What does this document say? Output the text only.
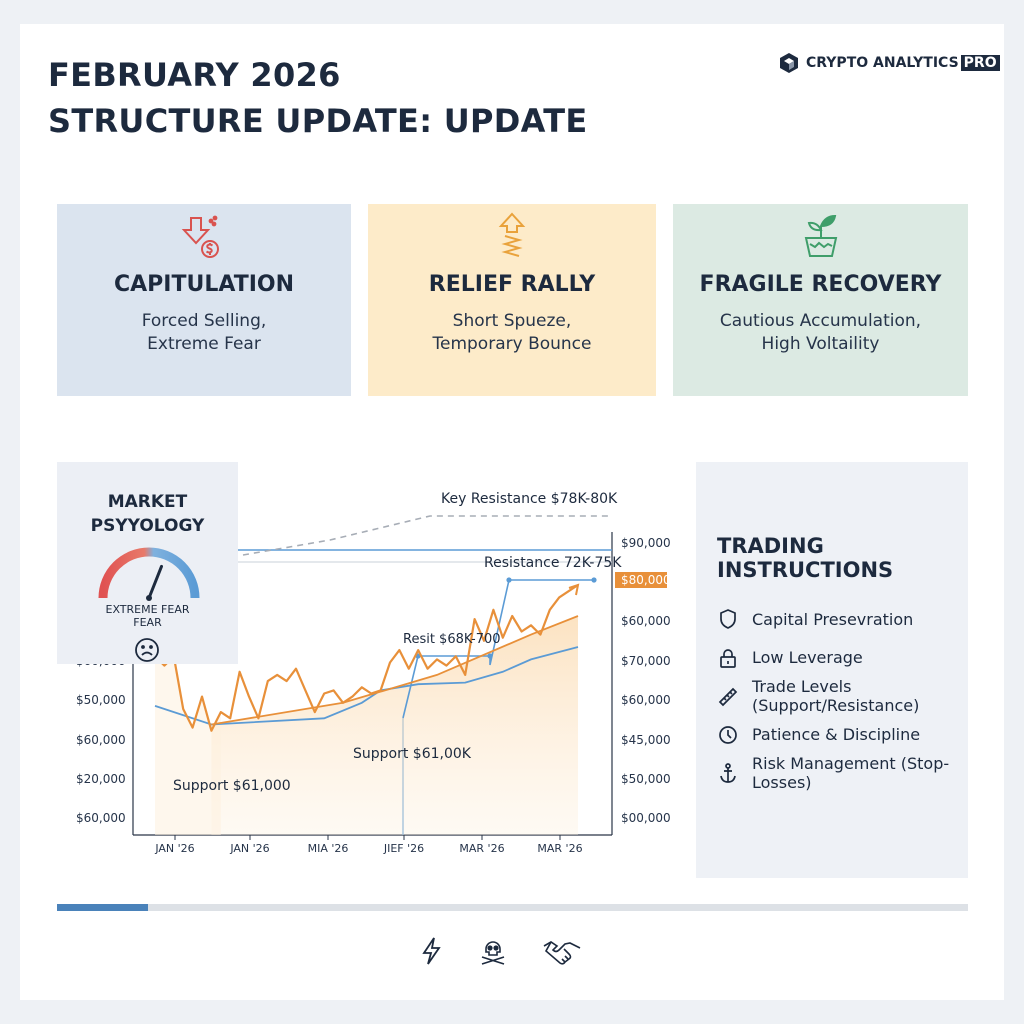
FEBRUARY 2026
STRUCTURE UPDATE: UPDATE
CRYPTO ANALYTICS PRO
CAPITULATION
Forced Selling,
Extreme Fear
RELIEF RALLY
Short Spueze,
Temporary Bounce
FRAGILE RECOVERY
Cautious Accumulation,
High Voltaility
$50,000
$60,000
$20,000
$60,000
$90,000
$80,000
$60,000
$70,000
$60,000
$45,000
$50,000
$00,000
JAN '26	JAN '26	MIA '26	JIEF '26	MAR '26	MAR '26
Key Resistance $78K-80K
Resistance 72K-75K
Resit $68K-700
Support $61,00K
Support $61,000
MARKET
PSYYOLOGY
EXTREME FEAR
FEAR
TRADING INSTRUCTIONS
Capital Presevration
Low Leverage
Trade Levels (Support/Resistance)
Patience & Discipline
Risk Management (Stop-Losses)
